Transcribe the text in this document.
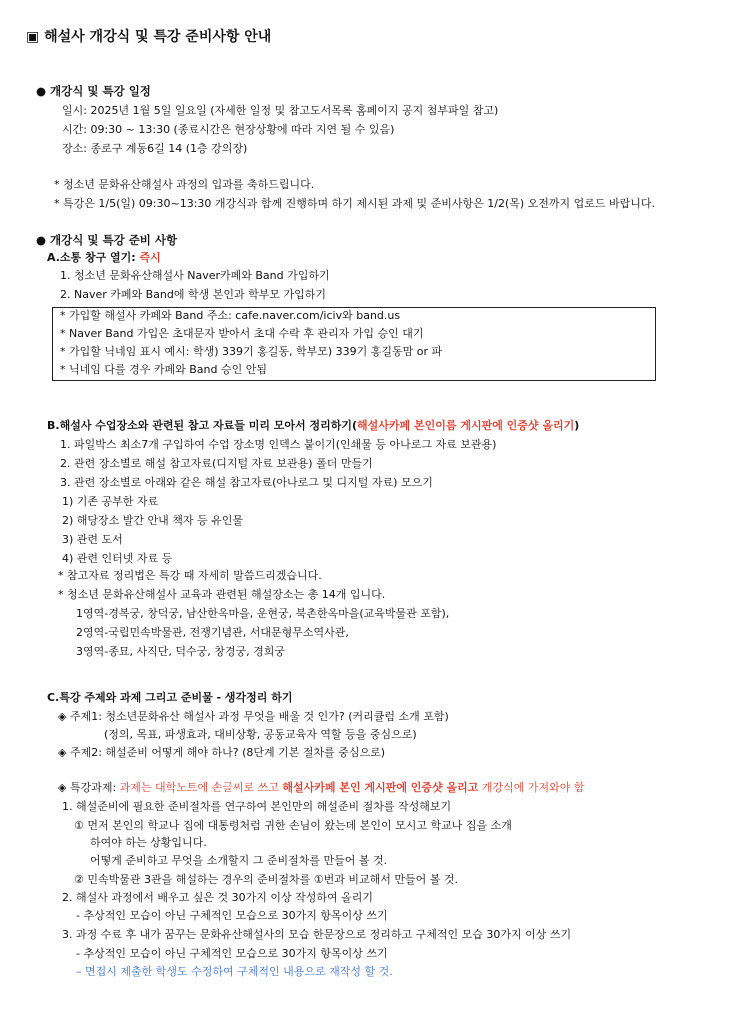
▣ 해설사 개강식 및 특강 준비사항 안내
● 개강식 및 특강 일정
일시: 2025년 1월 5일 일요일 (자세한 일정 및 참고도서목록 홈페이지 공지 첨부파일 참고)
시간: 09:30 ~ 13:30 (종료시간은 현장상황에 따라 지연 될 수 있음)
장소: 종로구 계동6길 14 (1층 강의장)
* 청소년 문화유산해설사 과정의 입과를 축하드립니다.
* 특강은 1/5(일) 09:30~13:30 개강식과 함께 진행하며 하기 제시된 과제 및 준비사항은 1/2(목) 오전까지 업로드 바랍니다.
● 개강식 및 특강 준비 사항
A.소통 창구 열기: 즉시
1. 청소년 문화유산해설사 Naver카페와 Band 가입하기
2. Naver 카페와 Band에 학생 본인과 학부모 가입하기
* 가입할 해설사 카페와 Band 주소: cafe.naver.com/iciv와 band.us
* Naver Band 가입은 초대문자 받아서 초대 수락 후 관리자 가입 승인 대기
* 가입할 닉네임 표시 예시: 학생) 339기 홍길동, 학부모) 339기 홍길동맘 or 파
* 닉네임 다를 경우 카페와 Band 승인 안됨
B.해설사 수업장소와 관련된 참고 자료들 미리 모아서 정리하기(해설사카페 본인이름 게시판에 인증샷 올리기)
1. 파일박스 최소7개 구입하여 수업 장소명 인덱스 붙이기(인쇄물 등 아나로그 자료 보관용)
2. 관련 장소별로 해설 참고자료(디지털 자료 보관용) 폴더 만들기
3. 관련 장소별로 아래와 같은 해설 참고자료(아나로그 및 디지털 자료) 모으기
1) 기존 공부한 자료
2) 해당장소 발간 안내 책자 등 유인물
3) 관련 도서
4) 관련 인터넷 자료 등
* 참고자료 정리법은 특강 때 자세히 말씀드리겠습니다.
* 청소년 문화유산해설사 교육과 관련된 해설장소는 총 14개 입니다.
1영역-경복궁, 창덕궁, 남산한옥마을, 운현궁, 북촌한옥마을(교육박물관 포함),
2영역-국립민속박물관, 전쟁기념관, 서대문형무소역사관,
3영역-종묘, 사직단, 덕수궁, 창경궁, 경희궁
C.특강 주제와 과제 그리고 준비물 - 생각정리 하기
◈ 주제1: 청소년문화유산 해설사 과정 무엇을 배울 것 인가? (커리큘럼 소개 포함)
(정의, 목표, 파생효과, 대비상황, 공동교육자 역할 등을 중심으로)
◈ 주제2: 해설준비 어떻게 해야 하나? (8단계 기본 절차를 중심으로)
◈ 특강과제: 과제는 대학노트에 손글씨로 쓰고 해설사카페 본인 게시판에 인증샷 올리고 개강식에 가져와야 함
1. 해설준비에 필요한 준비절차를 연구하여 본인만의 해설준비 절차를 작성해보기
① 먼저 본인의 학교나 집에 대통령처럼 귀한 손님이 왔는데 본인이 모시고 학교나 집을 소개
하여야 하는 상황입니다.
어떻게 준비하고 무엇을 소개할지 그 준비절차를 만들어 볼 것.
② 민속박물관 3관을 해설하는 경우의 준비절차를 ①번과 비교해서 만들어 볼 것.
2. 해설사 과정에서 배우고 싶은 것 30가지 이상 작성하여 올리기
- 추상적인 모습이 아닌 구체적인 모습으로 30가지 항목이상 쓰기
3. 과정 수료 후 내가 꿈꾸는 문화유산해설사의 모습 한문장으로 정리하고 구체적인 모습 30가지 이상 쓰기
- 추상적인 모습이 아닌 구체적인 모습으로 30가지 항목이상 쓰기
– 면접시 제출한 학생도 수정하여 구체적인 내용으로 재작성 할 것.
